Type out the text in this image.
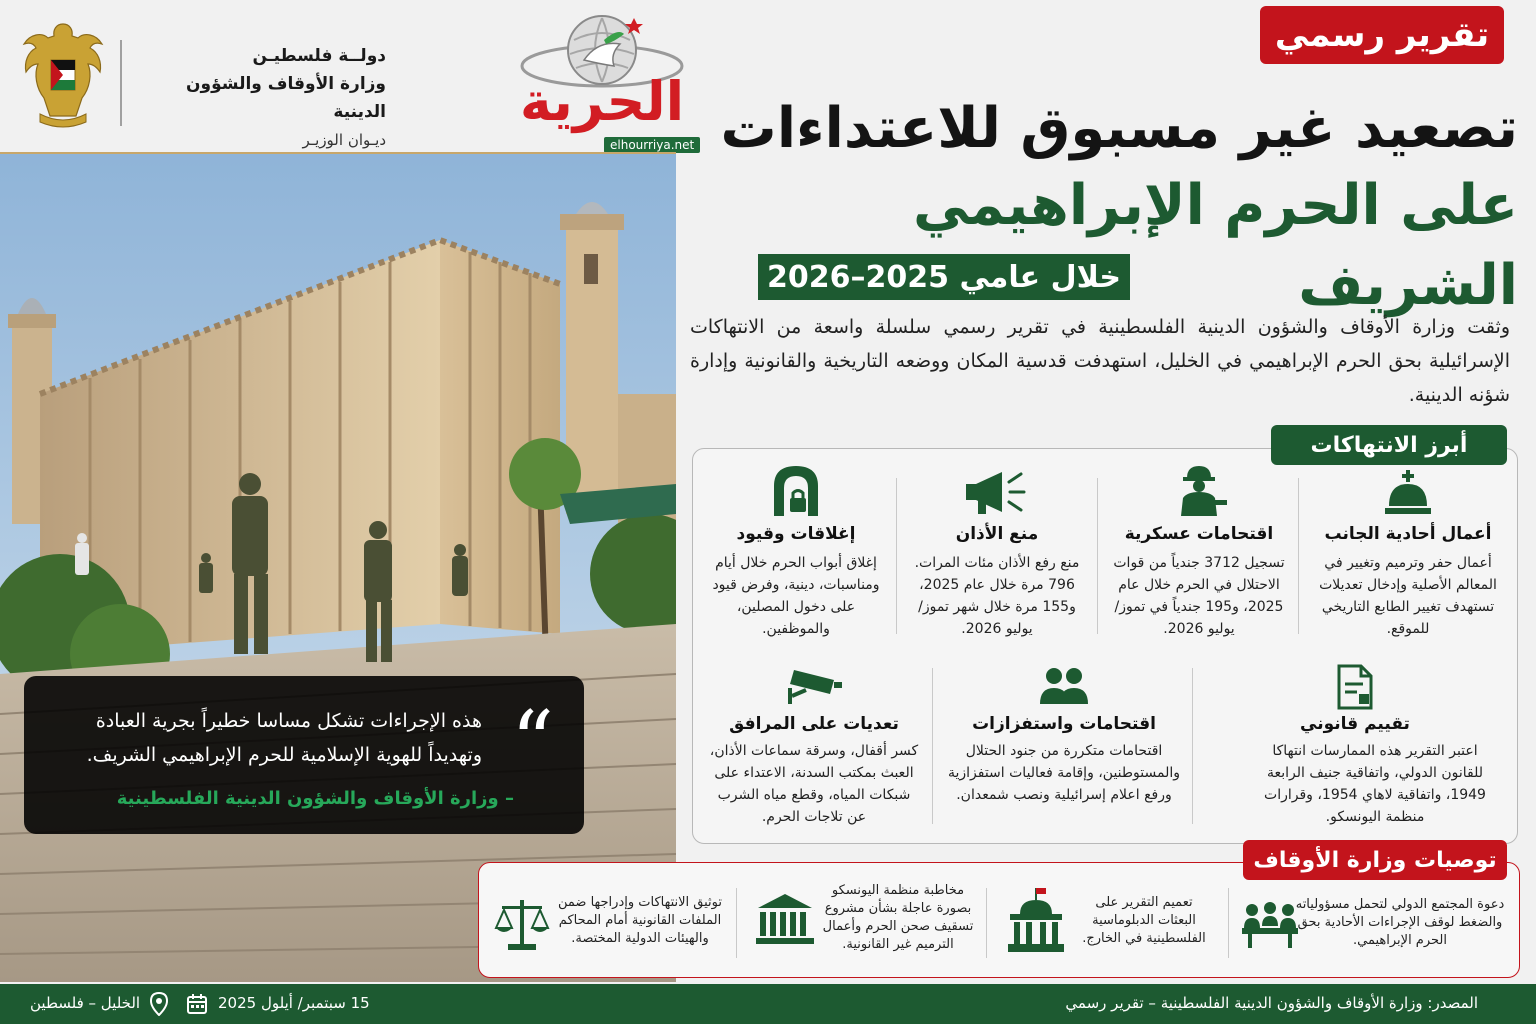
تقرير رسمي
دولــة فلسطيـن
وزارة الأوقاف والشؤون الدينية
ديـوان الوزيـر
الحرية
elhourriya.net تصعيد غير مسبوق للاعتداءات
على الحرم الإبراهيمي الشريف
خلال عامي 2025–2026
وثقت وزارة الأوقاف والشؤون الدينية الفلسطينية في تقرير رسمي سلسلة واسعة من الانتهاكات الإسرائيلية بحق الحرم الإبراهيمي في الخليل، استهدفت قدسية المكان ووضعه التاريخية والقانونية وإدارة شؤنه الدينية.
“
هذه الإجراءات تشكل مساسا خطيراً بجرية العبادة وتهديداً للهوية الإسلامية للحرم الإبراهيمي الشريف.
– وزارة الأوقاف والشؤون الدينية الفلسطينية
أبرز الانتهاكات
أعمال أحادية الجانب
أعمال حفر وترميم وتغيير في المعالم الأصلية وإدخال تعديلات تستهدف تغيير الطابع التاريخي للموقع.
اقتحامات عسكرية
تسجيل 3712 جندياً من قوات الاحتلال في الحرم خلال عام 2025، و195 جندياً في تموز/يوليو 2026.
منع الأذان
منع رفع الأذان مئات المرات. 796 مرة خلال عام 2025، و155 مرة خلال شهر تموز/يوليو 2026.
إغلاقات وقيود
إغلاق أبواب الحرم خلال أيام ومناسبات، دينية، وفرض قيود على دخول المصلين، والموظفين.
تقييم قانوني
اعتبر التقرير هذه الممارسات انتهاكا للقانون الدولي، واتفاقية جنيف الرابعة 1949، واتفاقية لاهاي 1954، وقرارات منظمة اليونسكو.
اقتحامات واستفزازات
اقتحامات متكررة من جنود الحتلال والمستوطنين، وإقامة فعاليات استفزازية ورفع اعلام إسرائيلية ونصب شمعدان.
تعديات على المرافق
كسر أقفال، وسرقة سماعات الأذان، العبث بمكتب السدنة، الاعتداء على شبكات المياه، وقطع مياه الشرب عن تلاجات الحرم.
توصيات وزارة الأوقاف
دعوة المجتمع الدولي لتحمل مسؤولياته والضغط لوقف الإجراءات الأحادية بحق الحرم الإبراهيمي.
تعميم التقرير على البعثات الدبلوماسية الفلسطينية في الخارج.
مخاطبة منظمة اليونسكو بصورة عاجلة بشأن مشروع تسقيف صحن الحرم وأعمال الترميم غير القانونية.
توثيق الانتهاكات وإدراجها ضمن الملفات القانونية أمام المحاكم والهيئات الدولية المختصة.
المصدر: وزارة الأوقاف والشؤون الدينية الفلسطينية – تقرير رسمي
15 سبتمبر/ أيلول 2025
الخليل – فلسطين
